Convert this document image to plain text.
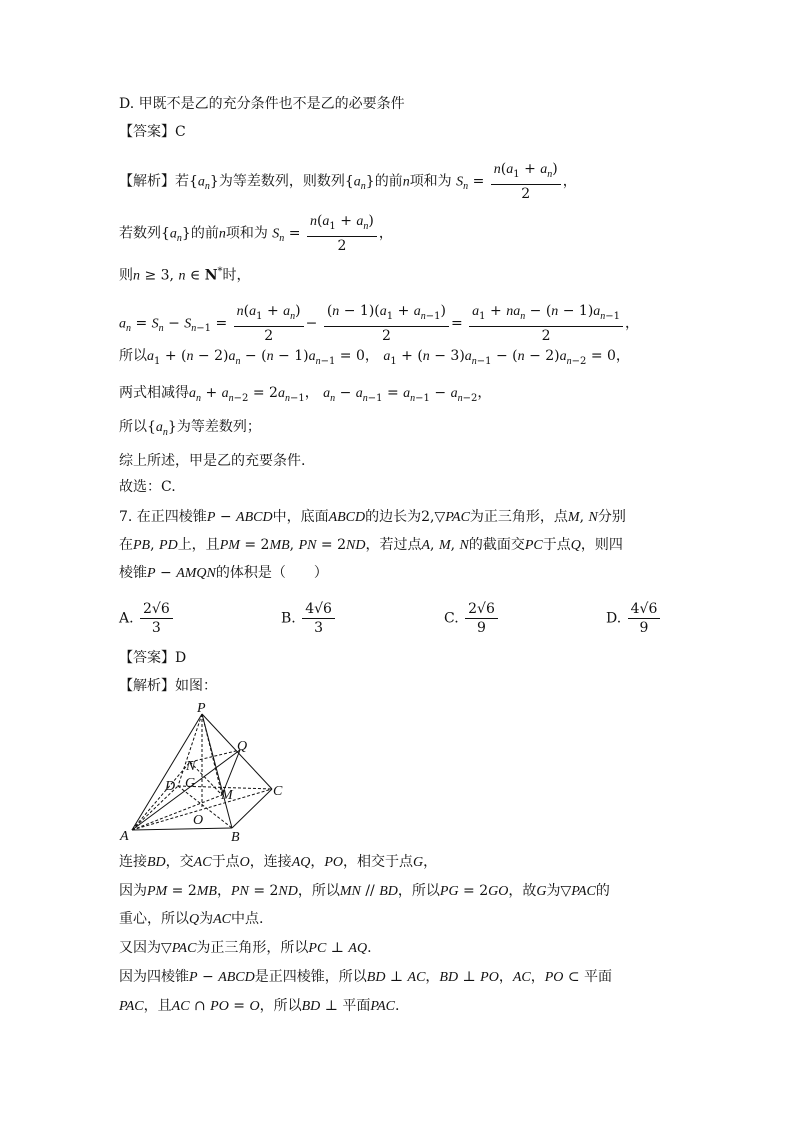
D. 甲既不是乙的充分条件也不是乙的必要条件
【答案】C
【解析】若$\{a_n\}$为等差数列，则数列$\{a_n\}$的前n项和为 $S_n = \frac{n(a_1 + a_n)}{2}$ ，
若数列$\{a_n\}$的前n项和为 $S_n = \frac{n(a_1 + a_n)}{2}$ ，
则n ≥ 3, n ∈ N*时，
$a_n = S_n - S_{n-1} = \frac{n(a_1 + a_n)}{2} - \frac{(n - 1)(a_1 + a_{n-1})}{2} = \frac{a_1 + na_n - (n - 1)a_{n-1}}{2}$ ，
所以$a_1 + (n - 2)a_n - (n - 1)a_{n-1} = 0$， $a_1 + (n - 3)a_{n-1} - (n - 2)a_{n-2} = 0$，
两式相减得$a_n + a_{n-2} = 2a_{n-1}$， $a_n - a_{n-1} = a_{n-1} - a_{n-2}$，
所以$\{a_n\}$为等差数列；
综上所述，甲是乙的充要条件.
故选：C.
7. 在正四棱锥P − ABCD中，底面ABCD的边长为2,▽PAC为正三角形，点M, N分别
在PB, PD上，且PM = 2MB, PN = 2ND，若过点A, M, N的截面交PC于点Q，则四
棱锥P − AMQN的体积是（　　）
A. $\frac{2√6}{3}$	B. $\frac{4√6}{3}$	C. $\frac{2√6}{9}$	D. $\frac{4√6}{9}$
【答案】D
【解析】如图：
P
Q
N
G
D
M	C
O
A	B
连接BD，交AC于点O，连接AQ，PO，相交于点G，
因为PM = 2MB，PN = 2ND，所以MN // BD，所以PG = 2GO，故G为▽PAC的
重心，所以Q为AC中点.
又因为▽PAC为正三角形，所以PC ⊥ AQ.
因为四棱锥P − ABCD是正四棱锥，所以BD ⊥ AC，BD ⊥ PO，AC，PO ⊂ 平面
PAC，且AC ∩ PO = O，所以BD ⊥ 平面PAC.
